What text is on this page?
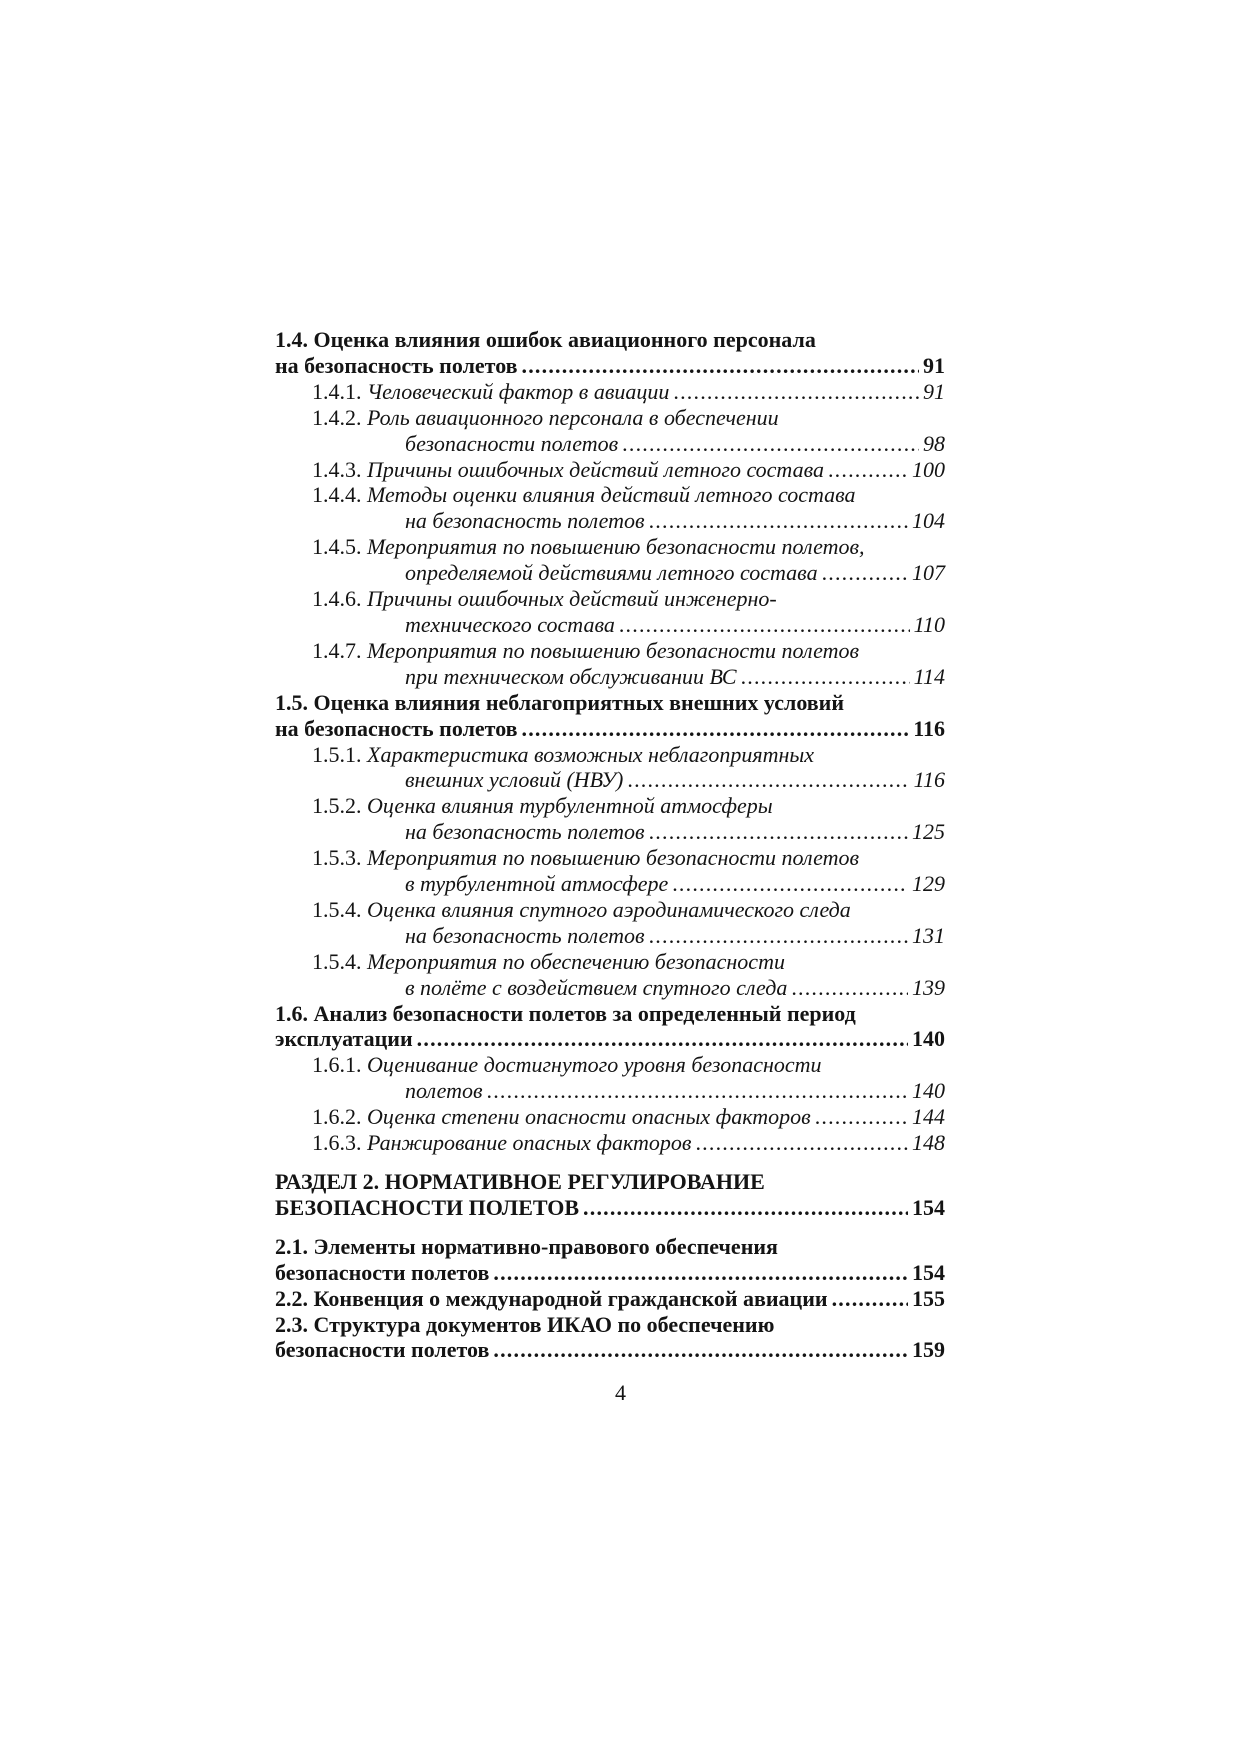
1.4. Оценка влияния ошибок авиационного персонала
на безопасность полетов .....	91
1.4.1. Человеческий фактор в авиации .....	91
1.4.2. Роль авиационного персонала в обеспечении
безопасности полетов .....	98
1.4.3. Причины ошибочных действий летного состава .....	100
1.4.4. Методы оценки влияния действий летного состава
на безопасность полетов .....	104
1.4.5. Мероприятия по повышению безопасности полетов,
определяемой действиями летного состава .....	107
1.4.6. Причины ошибочных действий инженерно-
технического состава .....	110
1.4.7. Мероприятия по повышению безопасности полетов
при техническом обслуживании ВС .....	114
1.5. Оценка влияния неблагоприятных внешних условий
на безопасность полетов .....	116
1.5.1. Характеристика возможных неблагоприятных
внешних условий (НВУ) .....	116
1.5.2. Оценка влияния турбулентной атмосферы
на безопасность полетов .....	125
1.5.3. Мероприятия по повышению безопасности полетов
в турбулентной атмосфере .....	129
1.5.4. Оценка влияния спутного аэродинамического следа
на безопасность полетов .....	131
1.5.4. Мероприятия по обеспечению безопасности
в полёте с воздействием спутного следа .....	139
1.6. Анализ безопасности полетов за определенный период
эксплуатации .....	140
1.6.1. Оценивание достигнутого уровня безопасности
полетов .....	140
1.6.2. Оценка степени опасности опасных факторов .....	144
1.6.3. Ранжирование опасных факторов .....	148
РАЗДЕЛ 2. НОРМАТИВНОЕ РЕГУЛИРОВАНИЕ
БЕЗОПАСНОСТИ ПОЛЕТОВ .....	154
2.1. Элементы нормативно-правового обеспечения
безопасности полетов .....	154
2.2. Конвенция о международной гражданской авиации .....	155
2.3. Структура документов ИКАО по обеспечению
безопасности полетов .....	159
4
